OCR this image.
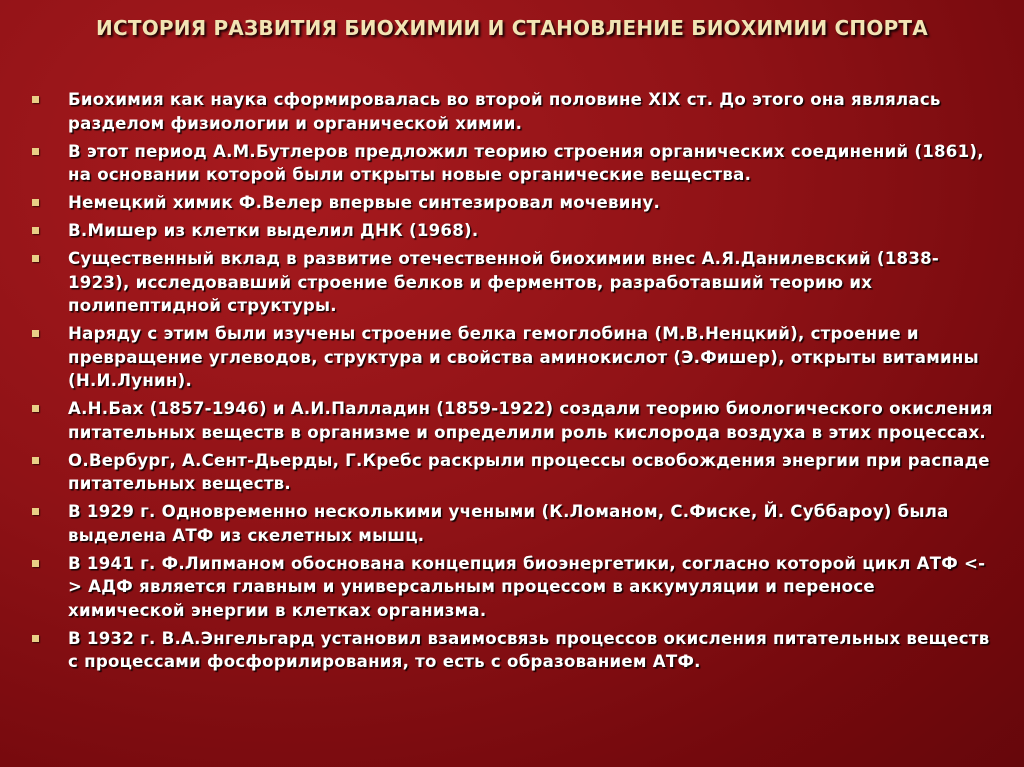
ИСТОРИЯ РАЗВИТИЯ БИОХИМИИ И СТАНОВЛЕНИЕ БИОХИМИИ СПОРТА
Биохимия как наука сформировалась во второй половине XIX ст. До этого она являлась разделом физиологии и органической химии.
В этот период А.М.Бутлеров предложил теорию строения органических соединений (1861), на основании которой были открыты новые органические вещества.
Немецкий химик Ф.Велер впервые синтезировал мочевину.
В.Мишер из клетки выделил ДНК (1968).
Существенный вклад в развитие отечественной биохимии внес А.Я.Данилевский (1838-1923), исследовавший строение белков и ферментов, разработавший теорию их полипептидной структуры.
Наряду с этим были изучены строение белка гемоглобина (М.В.Ненцкий), строение и превращение углеводов, структура и свойства аминокислот (Э.Фишер), открыты витамины (Н.И.Лунин).
А.Н.Бах (1857-1946) и А.И.Палладин (1859-1922) создали теорию биологического окисления питательных веществ в организме и определили роль кислорода воздуха в этих процессах.
О.Вербург, А.Сент-Дьерды, Г.Кребс раскрыли процессы освобождения энергии при распаде питательных веществ.
В 1929 г. Одновременно несколькими учеными (К.Ломаном, С.Фиске, Й. Суббароу) была выделена АТФ из скелетных мышц.
В 1941 г. Ф.Липманом обоснована концепция биоэнергетики, согласно которой цикл АТФ <-> АДФ является главным и универсальным процессом в аккумуляции и переносе химической энергии в клетках организма.
В 1932 г. В.А.Энгельгард установил взаимосвязь процессов окисления питательных веществ с процессами фосфорилирования, то есть с образованием АТФ.
